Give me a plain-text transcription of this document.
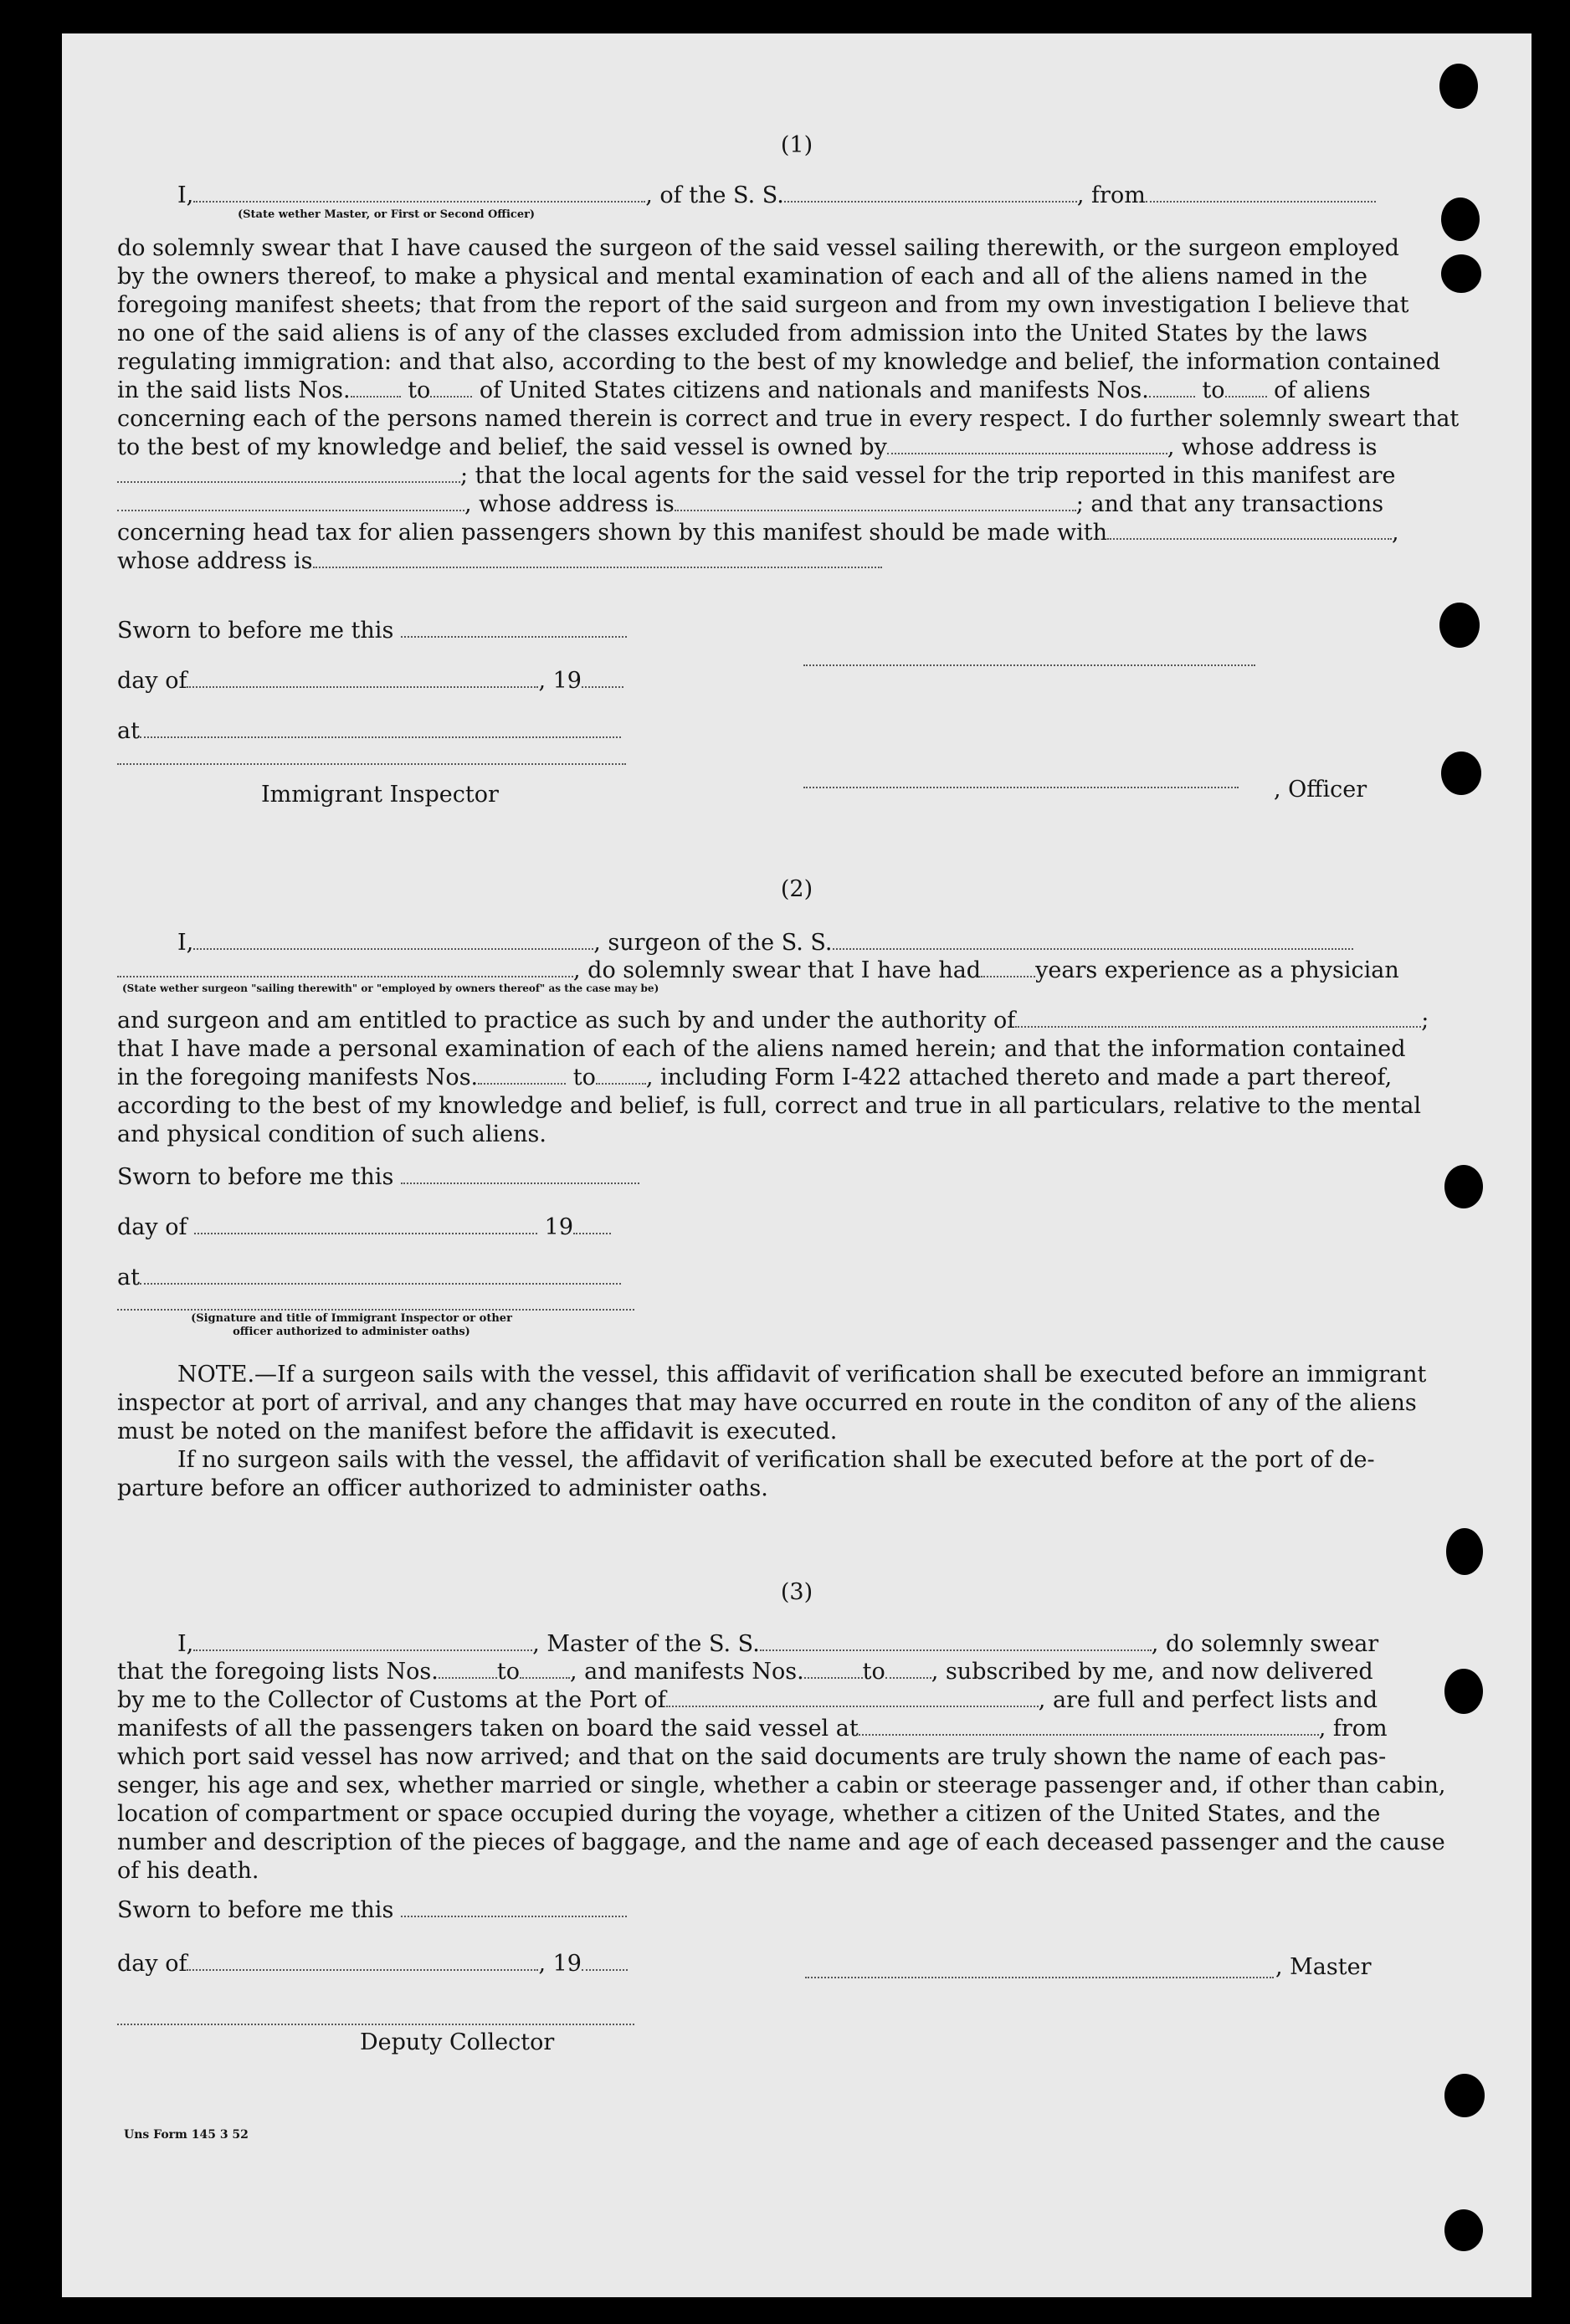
(1)
I,	, of the S. S.	, from
(State wether Master, or First or Second Officer)
do solemnly swear that I have caused the surgeon of the said vessel sailing therewith, or the surgeon employed
by the owners thereof, to make a physical and mental examination of each and all of the aliens named in the
foregoing manifest sheets; that from the report of the said surgeon and from my own investigation I believe that
no one of the said aliens is of any of the classes excluded from admission into the United States by the laws
regulating immigration: and that also, according to the best of my knowledge and belief, the information contained
in the said lists Nos.	to of United States citizens and nationals and manifests Nos. to of aliens
concerning each of the persons named therein is correct and true in every respect. I do further solemnly sweart that
to the best of my knowledge and belief, the said vessel is owned by	, whose address is
; that the local agents for the said vessel for the trip reported in this manifest are
, whose address is	; and that any transactions
concerning head tax for alien passengers shown by this manifest should be made with	,
whose address is
Sworn to before me this
day of	, 19
at
Immigrant Inspector	, Officer
(2)
I,	, surgeon of the S. S.
, do solemnly swear that I have had years experience as a physician
(State wether surgeon "sailing therewith" or "employed by owners thereof" as the case may be)
and surgeon and am entitled to practice as such by and under the authority of	;
that I have made a personal examination of each of the aliens named herein; and that the information contained
in the foregoing manifests Nos.	to , including Form I-422 attached thereto and made a part thereof,
according to the best of my knowledge and belief, is full, correct and true in all particulars, relative to the mental
and physical condition of such aliens.
Sworn to before me this
day of	19
at
(Signature and title of Immigrant Inspector or other
officer authorized to administer oaths)
NOTE.—If a surgeon sails with the vessel, this affidavit of verification shall be executed before an immigrant
inspector at port of arrival, and any changes that may have occurred en route in the conditon of any of the aliens
must be noted on the manifest before the affidavit is executed.
If no surgeon sails with the vessel, the affidavit of verification shall be executed before at the port of de-
parture before an officer authorized to administer oaths.
(3)
I,	, Master of the S. S.	, do solemnly swear
that the foregoing lists Nos.	to , and manifests Nos.	to , subscribed by me, and now delivered
by me to the Collector of Customs at the Port of	, are full and perfect lists and
manifests of all the passengers taken on board the said vessel at	, from
which port said vessel has now arrived; and that on the said documents are truly shown the name of each pas-
senger, his age and sex, whether married or single, whether a cabin or steerage passenger and, if other than cabin,
location of compartment or space occupied during the voyage, whether a citizen of the United States, and the
number and description of the pieces of baggage, and the name and age of each deceased passenger and the cause
of his death.
Sworn to before me this
day of	, 19	, Master
Deputy Collector
Uns Form 145 3 52
